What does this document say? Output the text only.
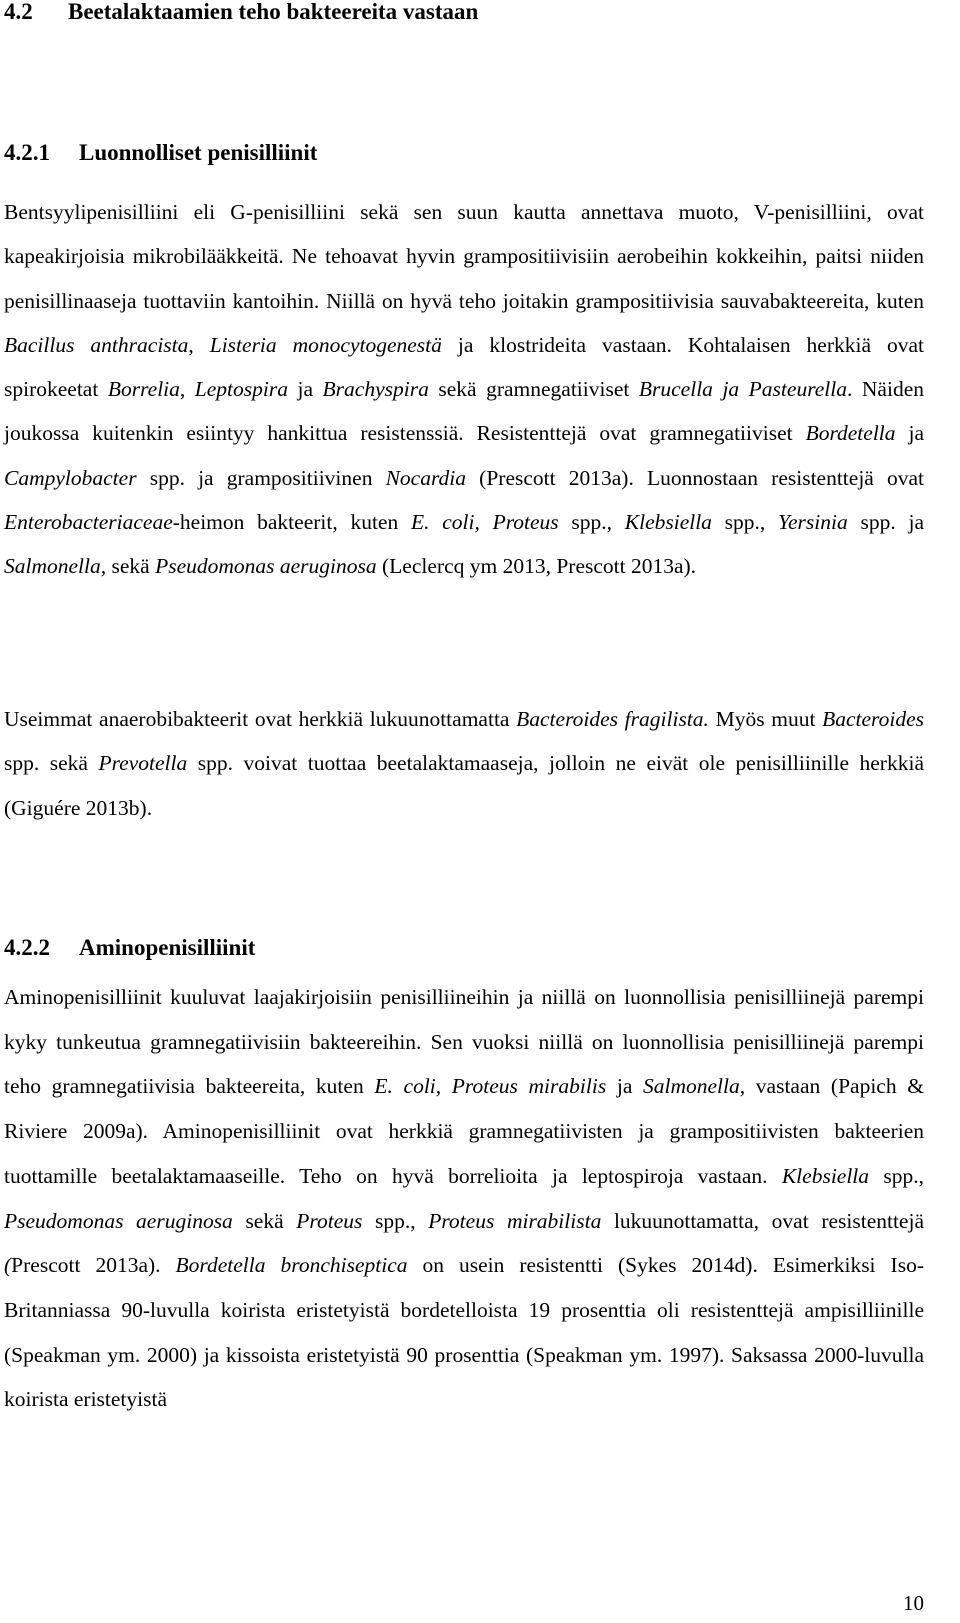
4.2 Beetalaktaamien teho bakteereita vastaan
4.2.1 Luonnolliset penisilliinit

Bentsyylipenisilliini eli G-penisilliini sekä sen suun kautta annettava muoto, V-penisilliini, ovat kapeakirjoisia mikrobilääkkeitä. Ne tehoavat hyvin grampositiivisiin aerobeihin kokkeihin, paitsi niiden penisillinaaseja tuottaviin kantoihin. Niillä on hyvä teho joitakin grampositiivisia sauvabakteereita, kuten Bacillus anthracista, Listeria monocytogenestä ja klostrideita vastaan. Kohtalaisen herkkiä ovat spirokeetat Borrelia, Leptospira ja Brachyspira sekä gramnegatiiviset Brucella ja Pasteurella. Näiden joukossa kuitenkin esiintyy hankittua resistenssiä. Resistenttejä ovat gramnegatiiviset Bordetella ja Campylobacter spp. ja grampositiivinen Nocardia (Prescott 2013a). Luonnostaan resistenttejä ovat Enterobacteriaceae-heimon bakteerit, kuten E. coli, Proteus spp., Klebsiella spp., Yersinia spp. ja Salmonella, sekä Pseudomonas aeruginosa (Leclercq ym 2013, Prescott 2013a).

Useimmat anaerobibakteerit ovat herkkiä lukuunottamatta Bacteroides fragilista. Myös muut Bacteroides spp. sekä Prevotella spp. voivat tuottaa beetalaktamaaseja, jolloin ne eivät ole penisilliinille herkkiä (Giguére 2013b).

4.2.2 Aminopenisilliinit

Aminopenisilliinit kuuluvat laajakirjoisiin penisilliineihin ja niillä on luonnollisia penisilliinejä parempi kyky tunkeutua gramnegatiivisiin bakteereihin. Sen vuoksi niillä on luonnollisia penisilliinejä parempi teho gramnegatiivisia bakteereita, kuten E. coli, Proteus mirabilis ja Salmonella, vastaan (Papich & Riviere 2009a). Aminopenisilliinit ovat herkkiä gramnegatiivisten ja grampositiivisten bakteerien tuottamille beetalaktamaaseille. Teho on hyvä borrelioita ja leptospiroja vastaan. Klebsiella spp., Pseudomonas aeruginosa sekä Proteus spp., Proteus mirabilista lukuunottamatta, ovat resistenttejä (Prescott 2013a). Bordetella bronchiseptica on usein resistentti (Sykes 2014d). Esimerkiksi Iso-Britanniassa 90-luvulla koirista eristetyistä bordetelloista 19 prosenttia oli resistenttejä ampisilliinille (Speakman ym. 2000) ja kissoista eristetyistä 90 prosenttia (Speakman ym. 1997). Saksassa 2000-luvulla koirista eristetyistä

10
